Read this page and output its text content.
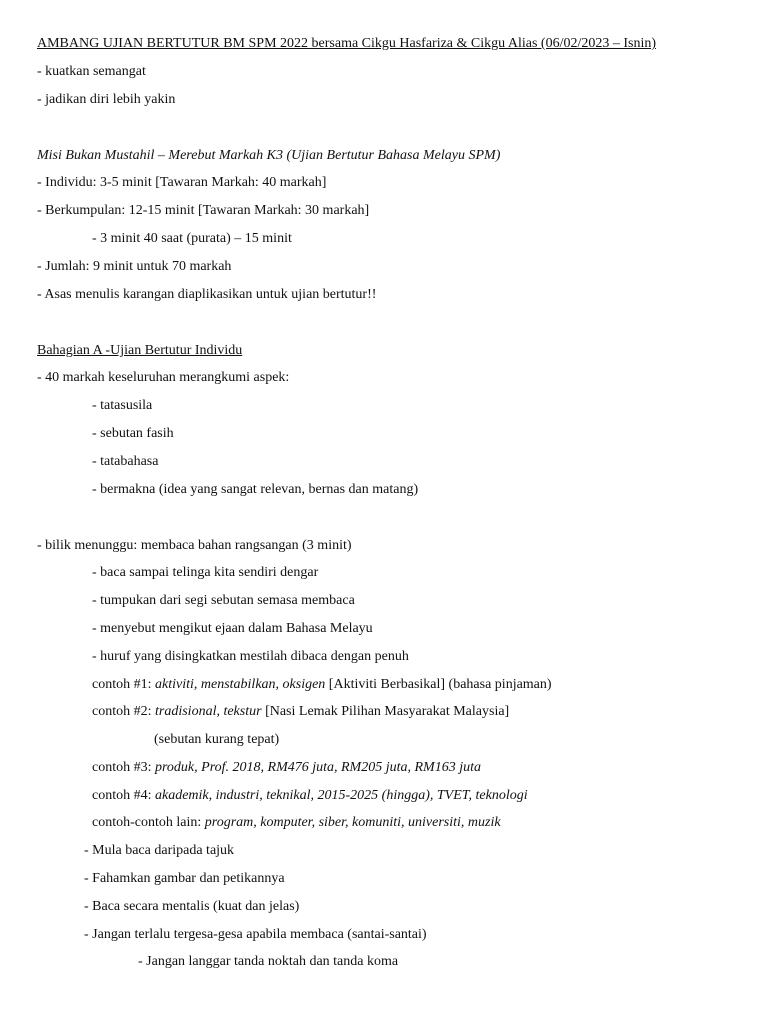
AMBANG UJIAN BERTUTUR BM SPM 2022 bersama Cikgu Hasfariza & Cikgu Alias (06/02/2023 – Isnin)
- kuatkan semangat
- jadikan diri lebih yakin
Misi Bukan Mustahil – Merebut Markah K3 (Ujian Bertutur Bahasa Melayu SPM)
- Individu: 3-5 minit [Tawaran Markah: 40 markah]
- Berkumpulan: 12-15 minit [Tawaran Markah: 30 markah]
- 3 minit 40 saat (purata) – 15 minit
- Jumlah: 9 minit untuk 70 markah
- Asas menulis karangan diaplikasikan untuk ujian bertutur!!
Bahagian A -Ujian Bertutur Individu
- 40 markah keseluruhan merangkumi aspek:
- tatasusila
- sebutan fasih
- tatabahasa
- bermakna (idea yang sangat relevan, bernas dan matang)
- bilik menunggu: membaca bahan rangsangan (3 minit)
- baca sampai telinga kita sendiri dengar
- tumpukan dari segi sebutan semasa membaca
- menyebut mengikut ejaan dalam Bahasa Melayu
- huruf yang disingkatkan mestilah dibaca dengan penuh
contoh #1: aktiviti, menstabilkan, oksigen [Aktiviti Berbasikal] (bahasa pinjaman)
contoh #2: tradisional, tekstur [Nasi Lemak Pilihan Masyarakat Malaysia]
(sebutan kurang tepat)
contoh #3: produk, Prof. 2018, RM476 juta, RM205 juta, RM163 juta
contoh #4: akademik, industri, teknikal, 2015-2025 (hingga), TVET, teknologi
contoh-contoh lain: program, komputer, siber, komuniti, universiti, muzik
- Mula baca daripada tajuk
- Fahamkan gambar dan petikannya
- Baca secara mentalis (kuat dan jelas)
- Jangan terlalu tergesa-gesa apabila membaca (santai-santai)
- Jangan langgar tanda noktah dan tanda koma
